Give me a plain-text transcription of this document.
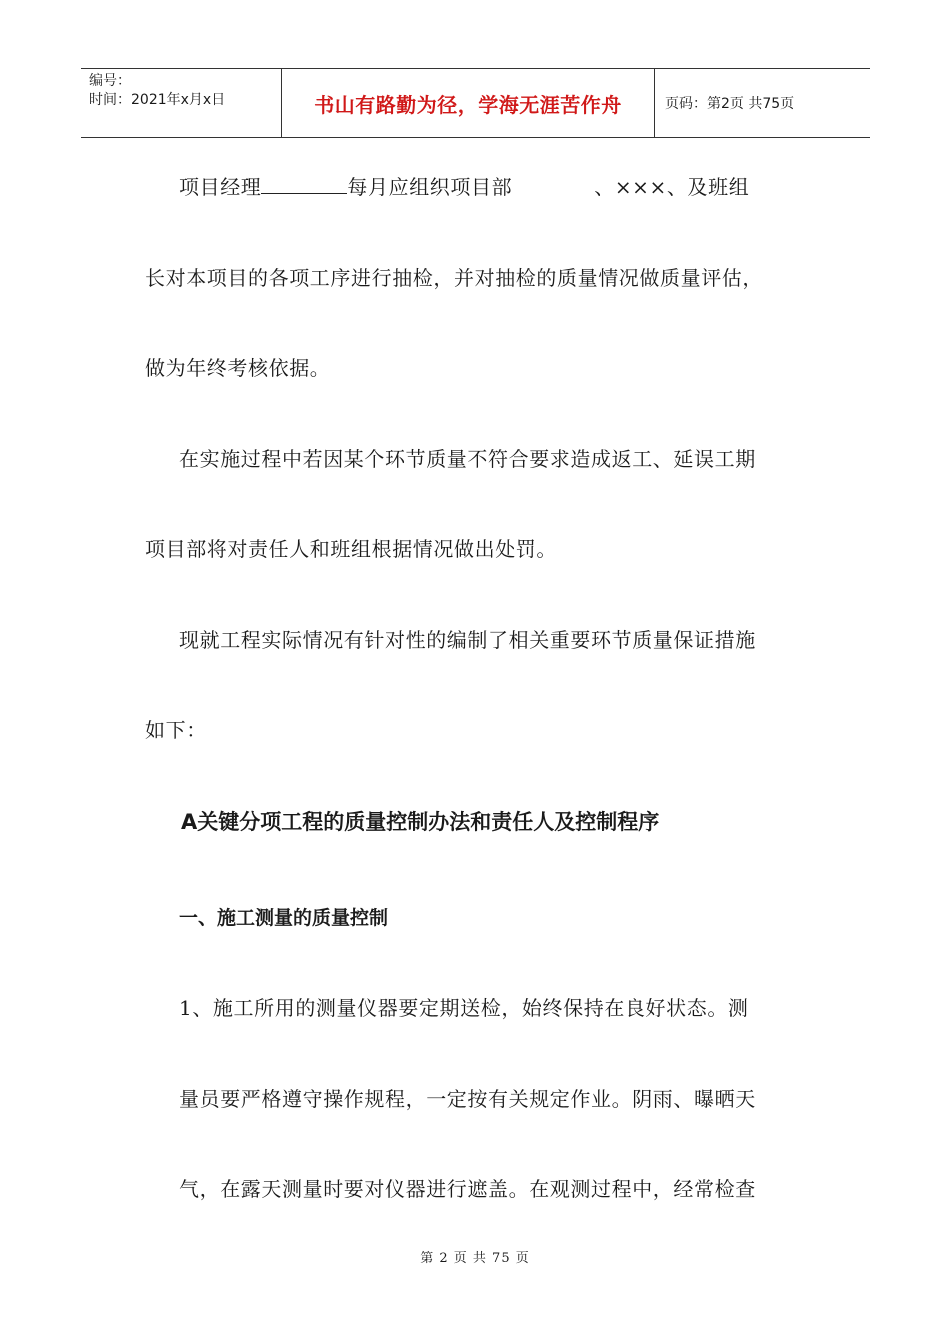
编号：
时间：2021年x月x日	书山有路勤为径，学海无涯苦作舟	页码：第2页 共75页
项目经理	每月应组织项目部	、×××、及班组
长对本项目的各项工序进行抽检，并对抽检的质量情况做质量评估，
做为年终考核依据。
在实施过程中若因某个环节质量不符合要求造成返工、延误工期
项目部将对责任人和班组根据情况做出处罚。
现就工程实际情况有针对性的编制了相关重要环节质量保证措施
如下：
A关键分项工程的质量控制办法和责任人及控制程序
一、施工测量的质量控制
1、施工所用的测量仪器要定期送检，始终保持在良好状态。测
量员要严格遵守操作规程，一定按有关规定作业。阴雨、曝晒天
气，在露天测量时要对仪器进行遮盖。在观测过程中，经常检查
第 2 页 共 75 页
